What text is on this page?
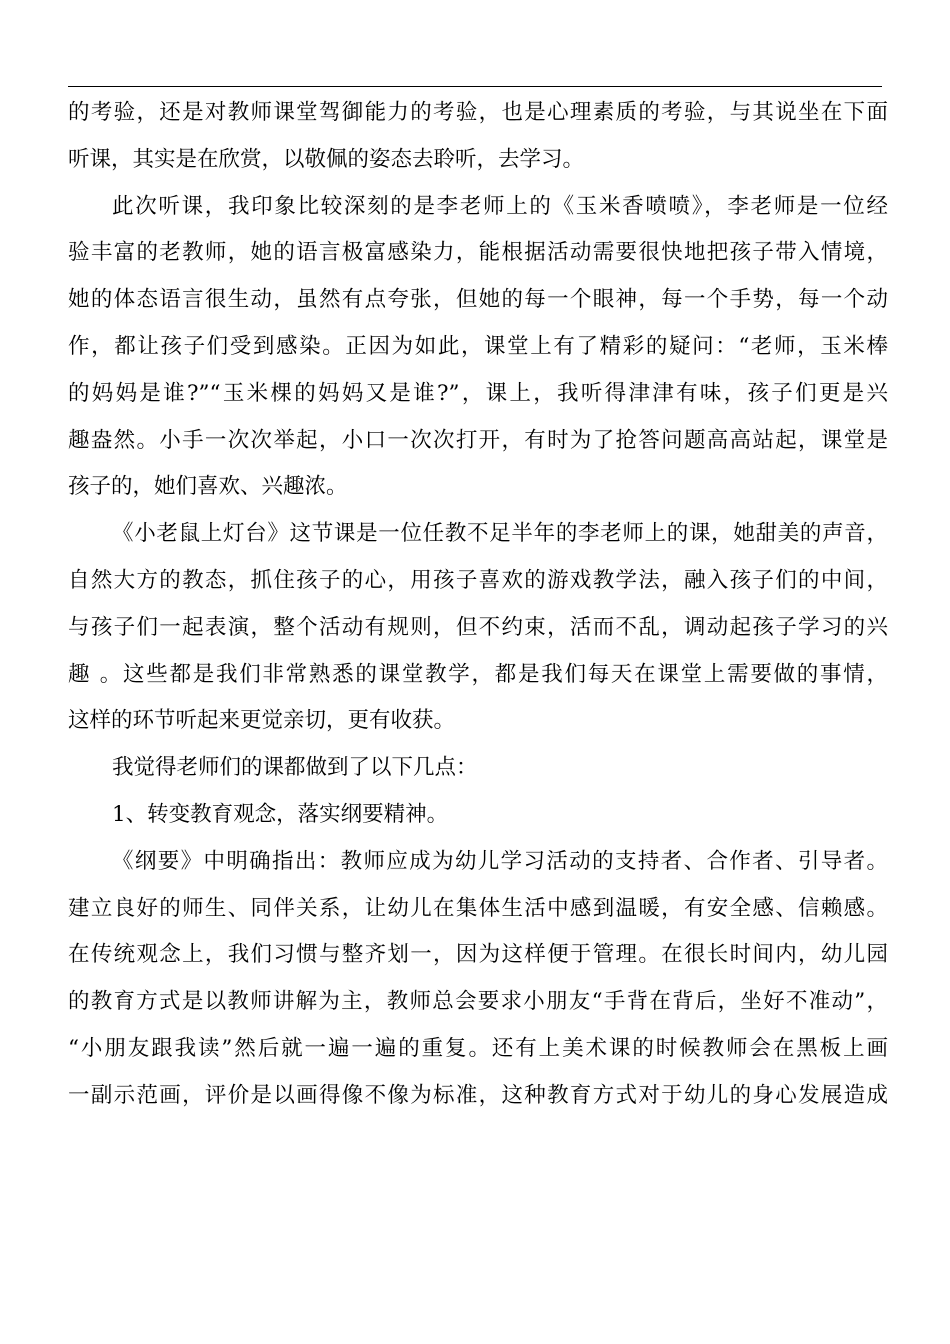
的考验，还是对教师课堂驾御能力的考验，也是心理素质的考验，与其说坐在下面
听课，其实是在欣赏，以敬佩的姿态去聆听，去学习。
此次听课，我印象比较深刻的是李老师上的《玉米香喷喷》，李老师是一位经
验丰富的老教师，她的语言极富感染力，能根据活动需要很快地把孩子带入情境，
她的体态语言很生动，虽然有点夸张，但她的每一个眼神，每一个手势，每一个动
作，都让孩子们受到感染。正因为如此，课堂上有了精彩的疑问：“老师，玉米棒
的妈妈是谁?”“玉米棵的妈妈又是谁?”，课上，我听得津津有味，孩子们更是兴
趣盎然。小手一次次举起，小口一次次打开，有时为了抢答问题高高站起，课堂是
孩子的，她们喜欢、兴趣浓。
《小老鼠上灯台》这节课是一位任教不足半年的李老师上的课，她甜美的声音，
自然大方的教态，抓住孩子的心，用孩子喜欢的游戏教学法，融入孩子们的中间，
与孩子们一起表演，整个活动有规则，但不约束，活而不乱，调动起孩子学习的兴
趣 。这些都是我们非常熟悉的课堂教学，都是我们每天在课堂上需要做的事情，
这样的环节听起来更觉亲切，更有收获。
我觉得老师们的课都做到了以下几点：
1、转变教育观念，落实纲要精神。
《纲要》中明确指出：教师应成为幼儿学习活动的支持者、合作者、引导者。
建立良好的师生、同伴关系，让幼儿在集体生活中感到温暖，有安全感、信赖感。
在传统观念上，我们习惯与整齐划一，因为这样便于管理。在很长时间内，幼儿园
的教育方式是以教师讲解为主，教师总会要求小朋友“手背在背后，坐好不准动”，
“小朋友跟我读”然后就一遍一遍的重复。还有上美术课的时候教师会在黑板上画
一副示范画，评价是以画得像不像为标准，这种教育方式对于幼儿的身心发展造成
